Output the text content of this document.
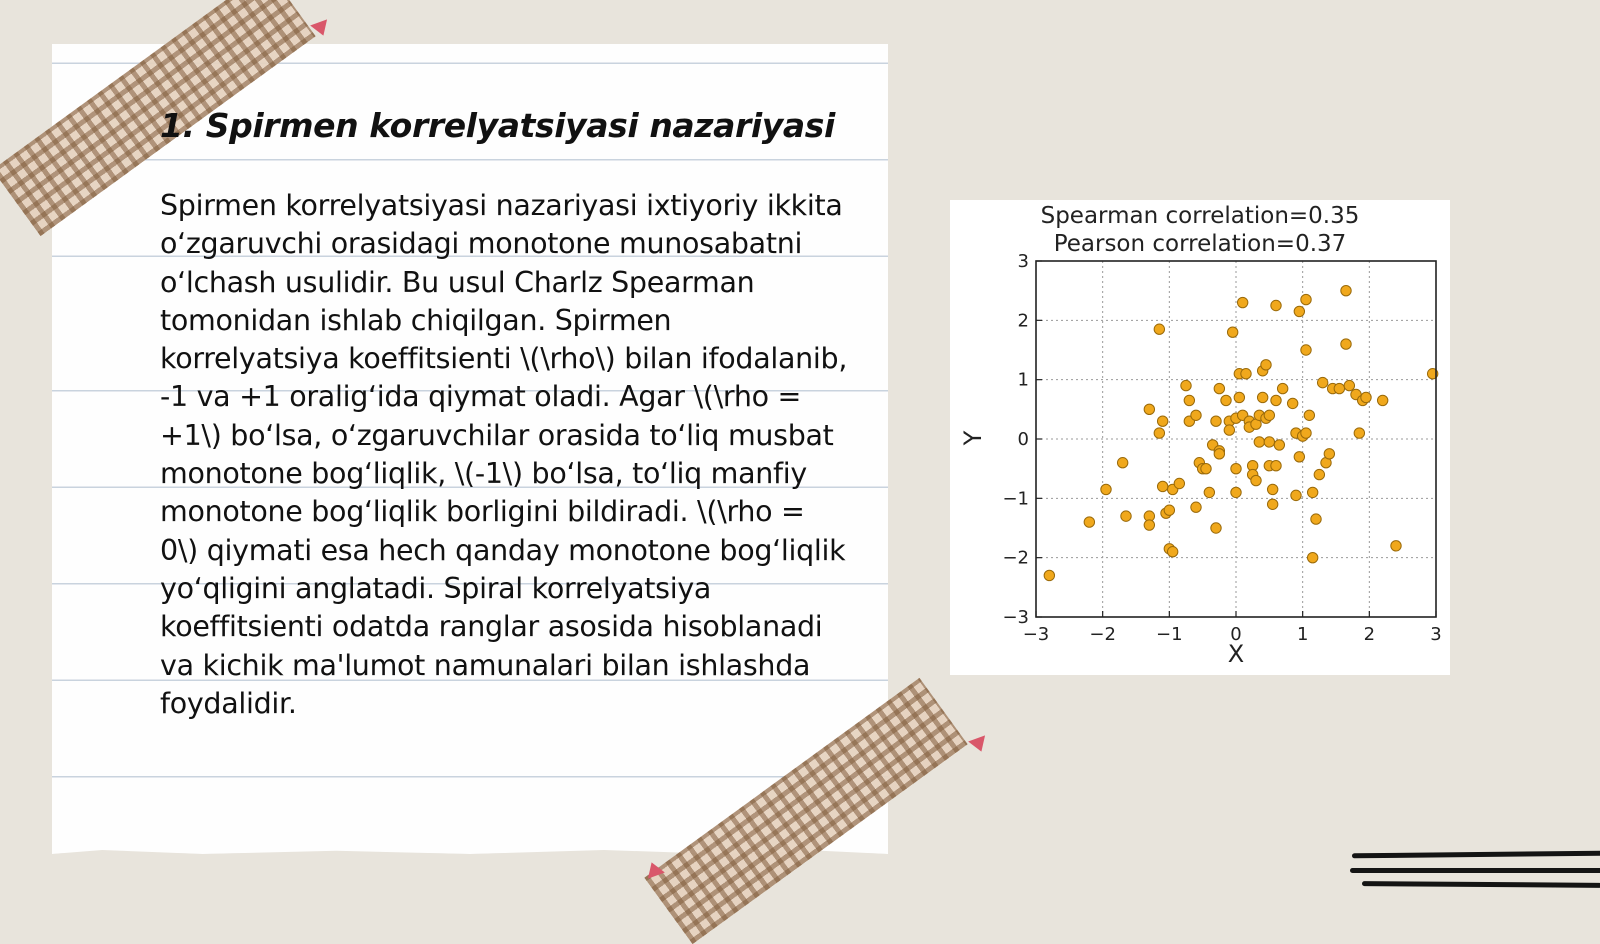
1. Spirmen korrelyatsiyasi nazariyasi

Spirmen korrelyatsiyasi nazariyasi ixtiyoriy ikkita oʻzgaruvchi orasidagi monotone munosabatni oʻlchash usulidir. Bu usul Charlz Spearman tomonidan ishlab chiqilgan. Spirmen korrelyatsiya koeffitsienti \(\rho\) bilan ifodalanib, -1 va +1 oraligʻida qiymat oladi. Agar \(\rho = +1\) boʻlsa, oʻzgaruvchilar orasida toʻliq musbat monotone bogʻliqlik, \(-1\) boʻlsa, toʻliq manfiy monotone bogʻliqlik borligini bildiradi. \(\rho = 0\) qiymati esa hech qanday monotone bogʻliqlik yoʻqligini anglatadi. Spiral korrelyatsiya koeffitsienti odatda ranglar asosida hisoblanadi va kichik ma'lumot namunalari bilan ishlashda foydalidir.

Spearman correlation=0.35
Pearson correlation=0.37
X
Y
−3 −2 −1	0	1	2	3
−3
−2
−1
0
1
2
3
